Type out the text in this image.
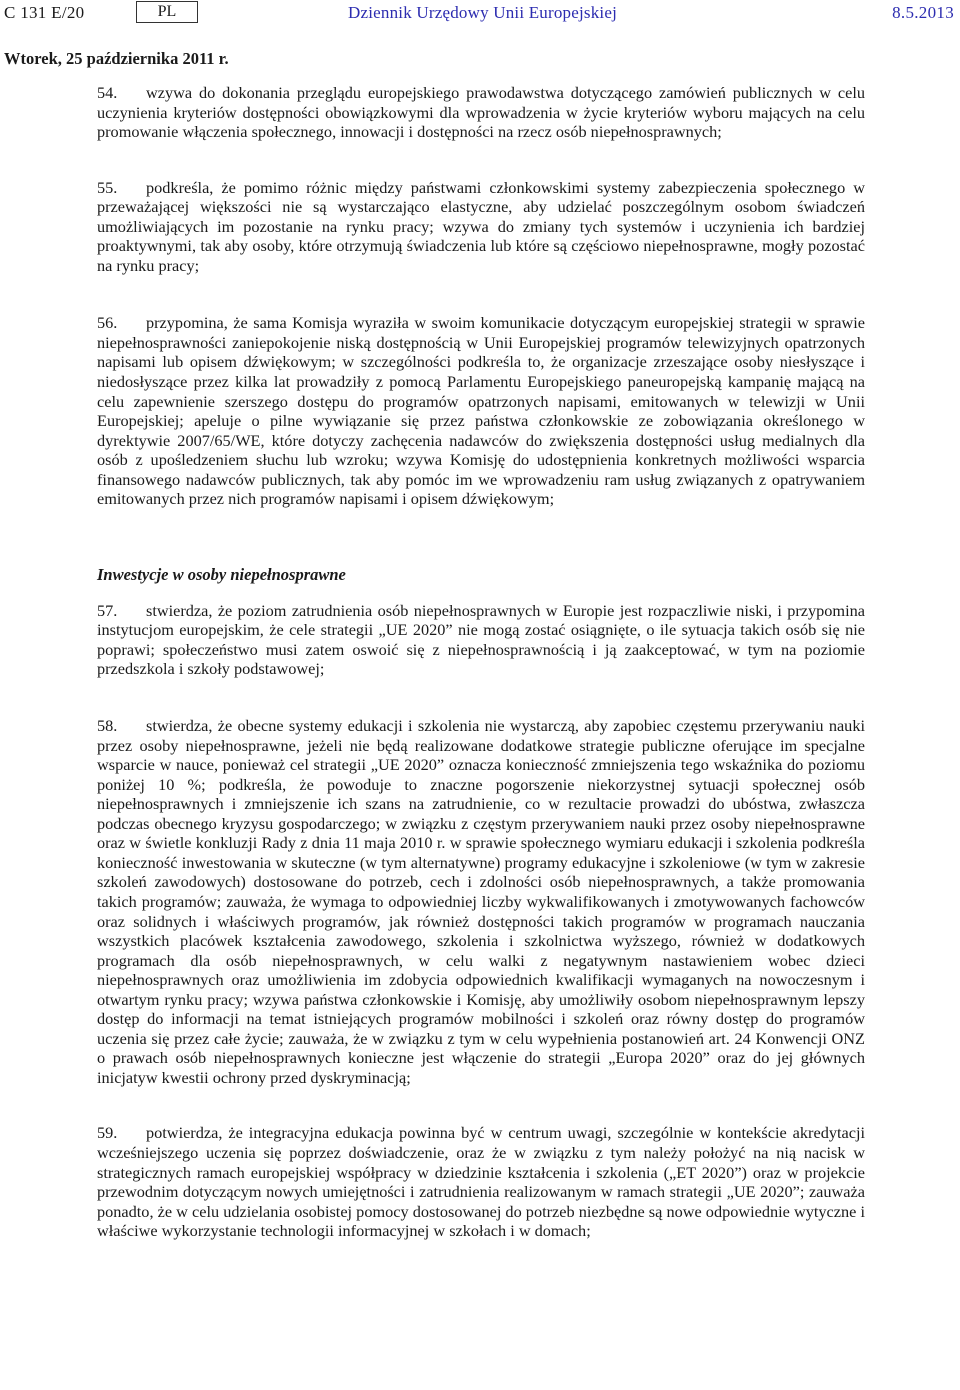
C 131 E/20	PL	Dziennik Urzędowy Unii Europejskiej	8.5.2013
Wtorek, 25 października 2011 r.

54. wzywa do dokonania przeglądu europejskiego prawodawstwa dotyczącego zamówień publicznych w celu uczynienia kryteriów dostępności obowiązkowymi dla wprowadzenia w życie kryteriów wyboru mających na celu promowanie włączenia społecznego, innowacji i dostępności na rzecz osób niepełnosprawnych;

55. podkreśla, że pomimo różnic między państwami członkowskimi systemy zabezpieczenia społecznego w przeważającej większości nie są wystarczająco elastyczne, aby udzielać poszczególnym osobom świadczeń umożliwiających im pozostanie na rynku pracy; wzywa do zmiany tych systemów i uczynienia ich bardziej proaktywnymi, tak aby osoby, które otrzymują świadczenia lub które są częściowo niepełnosprawne, mogły pozostać na rynku pracy;

56. przypomina, że sama Komisja wyraziła w swoim komunikacie dotyczącym europejskiej strategii w sprawie niepełnosprawności zaniepokojenie niską dostępnością w Unii Europejskiej programów telewizyjnych opatrzonych napisami lub opisem dźwiękowym; w szczególności podkreśla to, że organizacje zrzeszające osoby niesłyszące i niedosłyszące przez kilka lat prowadziły z pomocą Parlamentu Europejskiego paneuropejską kampanię mającą na celu zapewnienie szerszego dostępu do programów opatrzonych napisami, emitowanych w telewizji w Unii Europejskiej; apeluje o pilne wywiązanie się przez państwa członkowskie ze zobowiązania określonego w dyrektywie 2007/65/WE, które dotyczy zachęcenia nadawców do zwiększenia dostępności usług medialnych dla osób z upośledzeniem słuchu lub wzroku; wzywa Komisję do udostępnienia konkretnych możliwości wsparcia finansowego nadawców publicznych, tak aby pomóc im we wprowadzeniu ram usług związanych z opatrywaniem emitowanych przez nich programów napisami i opisem dźwiękowym;

Inwestycje w osoby niepełnosprawne

57. stwierdza, że poziom zatrudnienia osób niepełnosprawnych w Europie jest rozpaczliwie niski, i przypomina instytucjom europejskim, że cele strategii „UE 2020” nie mogą zostać osiągnięte, o ile sytuacja takich osób się nie poprawi; społeczeństwo musi zatem oswoić się z niepełnosprawnością i ją zaakceptować, w tym na poziomie przedszkola i szkoły podstawowej;

58. stwierdza, że obecne systemy edukacji i szkolenia nie wystarczą, aby zapobiec częstemu przerywaniu nauki przez osoby niepełnosprawne, jeżeli nie będą realizowane dodatkowe strategie publiczne oferujące im specjalne wsparcie w nauce, ponieważ cel strategii „UE 2020” oznacza konieczność zmniejszenia tego wskaźnika do poziomu poniżej 10 %; podkreśla, że powoduje to znaczne pogorszenie niekorzystnej sytuacji społecznej osób niepełnosprawnych i zmniejszenie ich szans na zatrudnienie, co w rezultacie prowadzi do ubóstwa, zwłaszcza podczas obecnego kryzysu gospodarczego; w związku z częstym przerywaniem nauki przez osoby niepełnosprawne oraz w świetle konkluzji Rady z dnia 11 maja 2010 r. w sprawie społecznego wymiaru edukacji i szkolenia podkreśla konieczność inwestowania w skuteczne (w tym alternatywne) programy edukacyjne i szkoleniowe (w tym w zakresie szkoleń zawodowych) dostosowane do potrzeb, cech i zdolności osób niepełnosprawnych, a także promowania takich programów; zauważa, że wymaga to odpowiedniej liczby wykwalifikowanych i zmotywowanych fachowców oraz solidnych i właściwych programów, jak również dostępności takich programów w programach nauczania wszystkich placówek kształcenia zawodowego, szkolenia i szkolnictwa wyższego, również w dodatkowych programach dla osób niepełnosprawnych, w celu walki z negatywnym nastawieniem wobec dzieci niepełnosprawnych oraz umożliwienia im zdobycia odpowiednich kwalifikacji wymaganych na nowoczesnym i otwartym rynku pracy; wzywa państwa członkowskie i Komisję, aby umożliwiły osobom niepełnosprawnym lepszy dostęp do informacji na temat istniejących programów mobilności i szkoleń oraz równy dostęp do programów uczenia się przez całe życie; zauważa, że w związku z tym w celu wypełnienia postanowień art. 24 Konwencji ONZ o prawach osób niepełnosprawnych konieczne jest włączenie do strategii „Europa 2020” oraz do jej głównych inicjatyw kwestii ochrony przed dyskryminacją;

59. potwierdza, że integracyjna edukacja powinna być w centrum uwagi, szczególnie w kontekście akredytacji wcześniejszego uczenia się poprzez doświadczenie, oraz że w związku z tym należy położyć na nią nacisk w strategicznych ramach europejskiej współpracy w dziedzinie kształcenia i szkolenia („ET 2020”) oraz w projekcie przewodnim dotyczącym nowych umiejętności i zatrudnienia realizowanym w ramach strategii „UE 2020”; zauważa ponadto, że w celu udzielania osobistej pomocy dostosowanej do potrzeb niezbędne są nowe odpowiednie wytyczne i właściwe wykorzystanie technologii informacyjnej w szkołach i w domach;
